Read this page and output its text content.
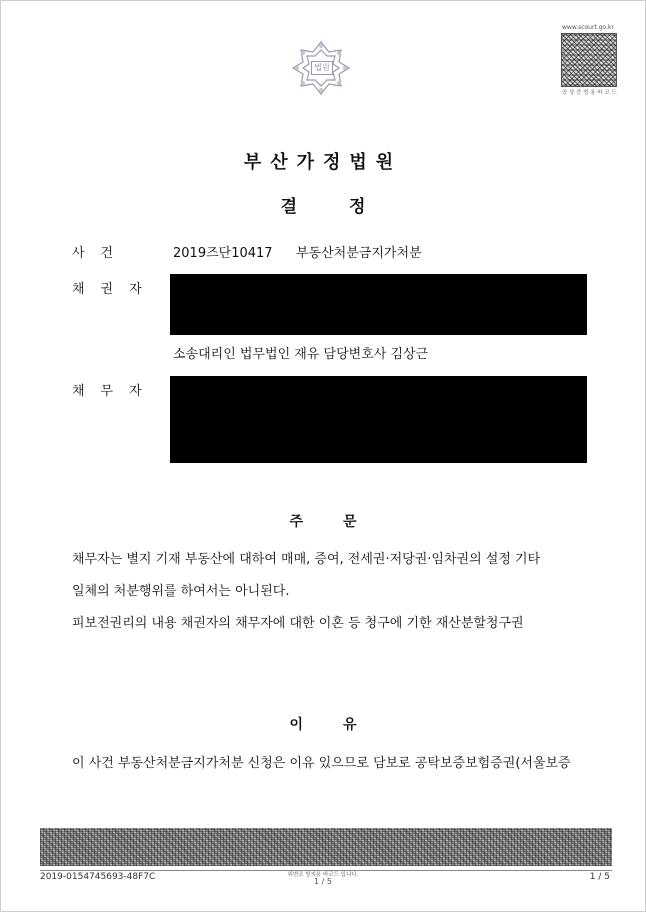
법원
www.scourt.go.kr
공 상 증 명 용 바 코 드
부산가정법원
결정
사건	2019즈단10417 부동산처분금지가처분
채권자
소송대리인 법무법인 재유 담당변호사 김상근
채무자
주문
채무자는 별지 기재 부동산에 대하여 매매, 증여, 전세권·저당권·임차권의 설정 기타
일체의 처분행위를 하여서는 아니된다.
피보전권리의 내용 채권자의 채무자에 대한 이혼 등 청구에 기한 재산분할청구권
이유
이 사건 부동산처분금지가처분 신청은 이유 있으므로 담보로 공탁보증보험증권(서울보증
2019-0154745693-48F7C	위변조 방지용 바코드 입니다.
1 / 5	1 / 5
